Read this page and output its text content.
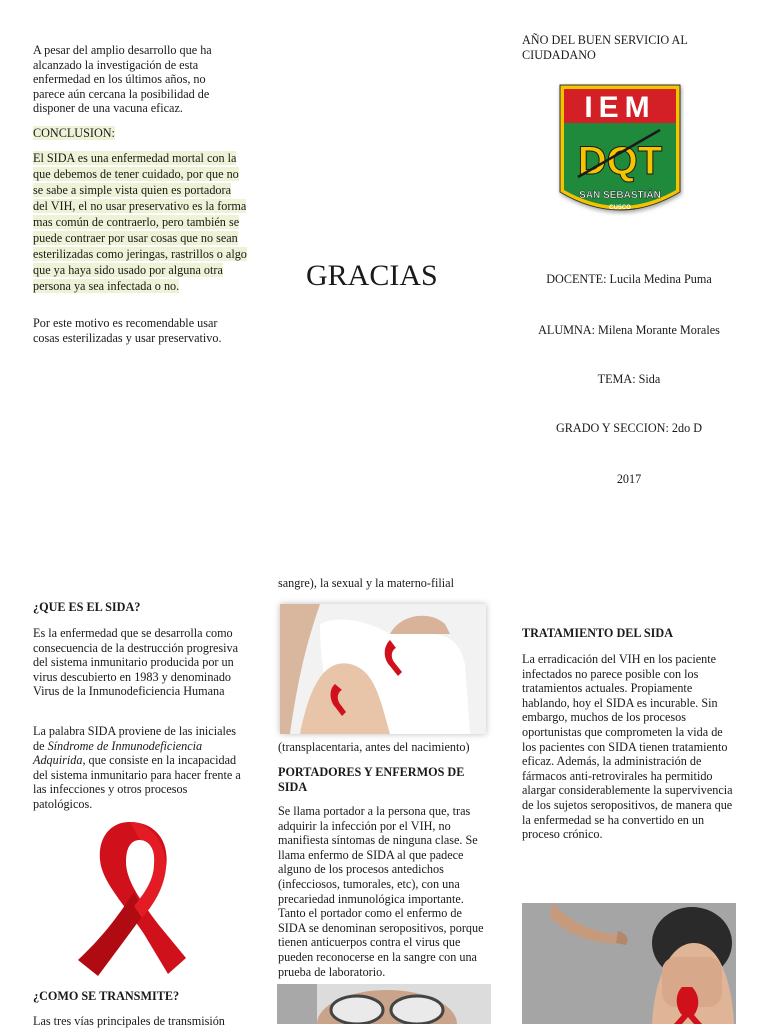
A pesar del amplio desarrollo que ha alcanzado la investigación de esta enfermedad en los últimos años, no parece aún cercana la posibilidad de disponer de una vacuna eficaz.

CONCLUSION:

El SIDA es una enfermedad mortal con la que debemos de tener cuidado, por que no se sabe a simple vista quien es portadora del VIH, el no usar preservativo es la forma mas común de contraerlo, pero también se puede contraer por usar cosas que no sean esterilizadas como jeringas, rastrillos o algo que ya haya sido usado por alguna otra persona ya sea infectada o no.

Por este motivo es recomendable usar cosas esterilizadas y usar preservativo.

GRACIAS

AÑO DEL BUEN SERVICIO AL CIUDADANO

IEM
DQT
SAN SEBASTIÁN
CUSCO

DOCENTE: Lucila Medina Puma

ALUMNA: Milena Morante Morales

TEMA: Sida

GRADO Y SECCION: 2do D

2017

¿QUE ES EL SIDA?

Es la enfermedad que se desarrolla como consecuencia de la destrucción progresiva del sistema inmunitario producida por un virus descubierto en 1983 y denominado Virus de la Inmunodeficiencia Humana

La palabra SIDA proviene de las iniciales de Síndrome de Inmunodeficiencia Adquirida, que consiste en la incapacidad del sistema inmunitario para hacer frente a las infecciones y otros procesos patológicos.

¿COMO SE TRANSMITE?

Las tres vías principales de transmisión

sangre), la sexual y la materno-filial

(transplacentaria, antes del nacimiento)

PORTADORES Y ENFERMOS DE SIDA

Se llama portador a la persona que, tras adquirir la infección por el VIH, no manifiesta síntomas de ninguna clase. Se llama enfermo de SIDA al que padece alguno de los procesos antedichos (infecciosos, tumorales, etc), con una precariedad inmunológica importante. Tanto el portador como el enfermo de SIDA se denominan seropositivos, porque tienen anticuerpos contra el virus que pueden reconocerse en la sangre con una prueba de laboratorio.

TRATAMIENTO DEL SIDA

La erradicación del VIH en los paciente infectados no parece posible con los tratamientos actuales. Propiamente hablando, hoy el SIDA es incurable. Sin embargo, muchos de los procesos oportunistas que comprometen la vida de los pacientes con SIDA tienen tratamiento eficaz. Además, la administración de fármacos anti-retrovirales ha permitido alargar considerablemente la supervivencia de los sujetos seropositivos, de manera que la enfermedad se ha convertido en un proceso crónico.
